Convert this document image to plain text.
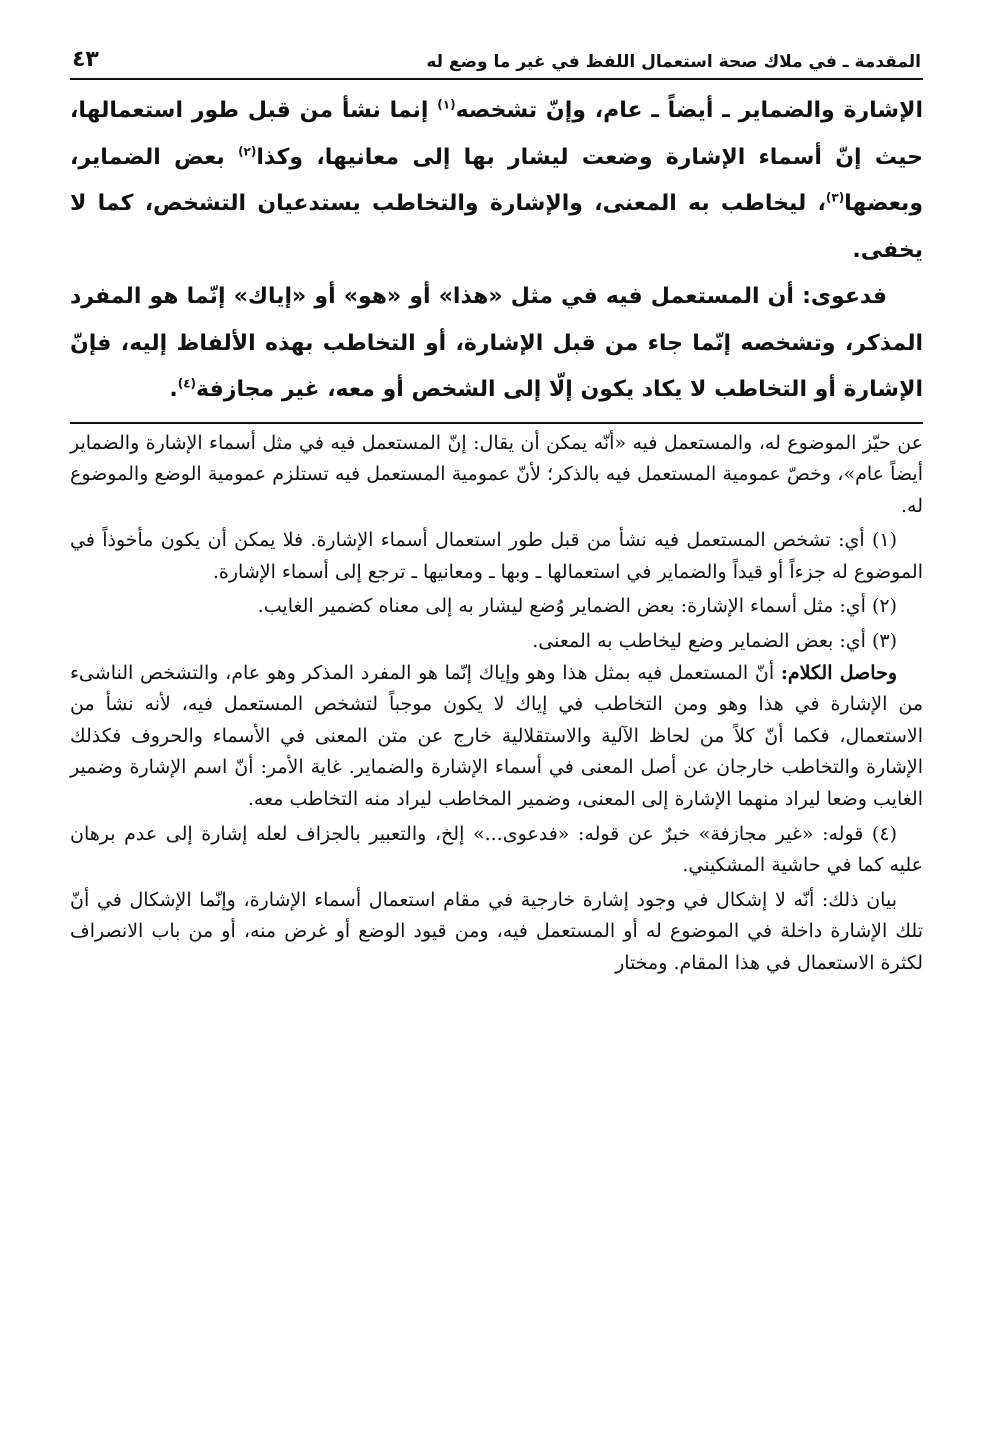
المقدمة ـ في ملاك صحة استعمال اللفظ في غير ما وضع له
٤٣

الإشارة والضماير ـ أيضاً ـ عام، وإنّ تشخصه$^{(١)}$ إنما نشأ من قبل طور استعمالها، حيث إنّ أسماء الإشارة وضعت ليشار بها إلى معانيها، وكذا$^{(٢)}$ بعض الضماير، وبعضها$^{(٣)}$، ليخاطب به المعنى، والإشارة والتخاطب يستدعيان التشخص، كما لا يخفى.

فدعوى: أن المستعمل فيه في مثل «هذا» أو «هو» أو «إياك» إنّما هو المفرد المذكر، وتشخصه إنّما جاء من قبل الإشارة، أو التخاطب بهذه الألفاظ إليه، فإنّ الإشارة أو التخاطب لا يكاد يكون إلّا إلى الشخص أو معه، غير مجازفة$^{(٤)}$.

عن حيّز الموضوع له، والمستعمل فيه «أنّه يمكن أن يقال: إنّ المستعمل فيه في مثل أسماء الإشارة والضماير أيضاً عام»، وخصّ عمومية المستعمل فيه بالذكر؛ لأنّ عمومية المستعمل فيه تستلزم عمومية الوضع والموضوع له.

(١) أي: تشخص المستعمل فيه نشأ من قبل طور استعمال أسماء الإشارة. فلا يمكن أن يكون مأخوذاً في الموضوع له جزءاً أو قيداً والضماير في استعمالها ـ وبها ـ ومعانيها ـ ترجع إلى أسماء الإشارة.

(٢) أي: مثل أسماء الإشارة: بعض الضماير وُضع ليشار به إلى معناه كضمير الغايب.

(٣) أي: بعض الضماير وضع ليخاطب به المعنى.

وحاصل الكلام: أنّ المستعمل فيه بمثل هذا وهو وإياك إنّما هو المفرد المذكر وهو عام، والتشخص الناشىء من الإشارة في هذا وهو ومن التخاطب في إياك لا يكون موجباً لتشخص المستعمل فيه، لأنه نشأ من الاستعمال، فكما أنّ كلاً من لحاظ الآلية والاستقلالية خارج عن متن المعنى في الأسماء والحروف فكذلك الإشارة والتخاطب خارجان عن أصل المعنى في أسماء الإشارة والضماير. غاية الأمر: أنّ اسم الإشارة وضمير الغايب وضعا ليراد منهما الإشارة إلى المعنى، وضمير المخاطب ليراد منه التخاطب معه.

(٤) قوله: «غير مجازفة» خبرٌ عن قوله: «فدعوى...» إلخ، والتعبير بالجزاف لعله إشارة إلى عدم برهان عليه كما في حاشية المشكيني.

بيان ذلك: أنّه لا إشكال في وجود إشارة خارجية في مقام استعمال أسماء الإشارة، وإنّما الإشكال في أنّ تلك الإشارة داخلة في الموضوع له أو المستعمل فيه، ومن قيود الوضع أو غرض منه، أو من باب الانصراف لكثرة الاستعمال في هذا المقام. ومختار
